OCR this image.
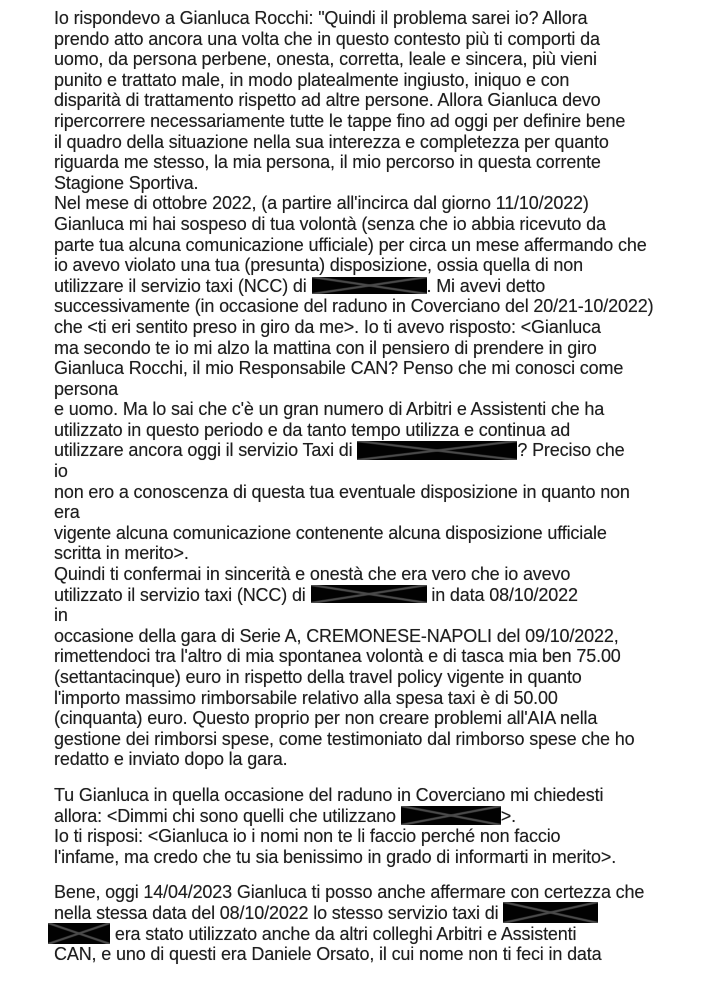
Io rispondevo a Gianluca Rocchi: "Quindi il problema sarei io? Allora
prendo atto ancora una volta che in questo contesto più ti comporti da
uomo, da persona perbene, onesta, corretta, leale e sincera, più vieni
punito e trattato male, in modo platealmente ingiusto, iniquo e con
disparità di trattamento rispetto ad altre persone. Allora Gianluca devo
ripercorrere necessariamente tutte le tappe fino ad oggi per definire bene
il quadro della situazione nella sua interezza e completezza per quanto
riguarda me stesso, la mia persona, il mio percorso in questa corrente
Stagione Sportiva.
Nel mese di ottobre 2022, (a partire all'incirca dal giorno 11/10/2022)
Gianluca mi hai sospeso di tua volontà (senza che io abbia ricevuto da
parte tua alcuna comunicazione ufficiale) per circa un mese affermando che
io avevo violato una tua (presunta) disposizione, ossia quella di non
utilizzare il servizio taxi (NCC) di	. Mi avevi detto
successivamente (in occasione del raduno in Coverciano del 20/21-10/2022)
che <ti eri sentito preso in giro da me>. Io ti avevo risposto: <Gianluca
ma secondo te io mi alzo la mattina con il pensiero di prendere in giro
Gianluca Rocchi, il mio Responsabile CAN? Penso che mi conosci come
persona
e uomo. Ma lo sai che c'è un gran numero di Arbitri e Assistenti che ha
utilizzato in questo periodo e da tanto tempo utilizza e continua ad
utilizzare ancora oggi il servizio Taxi di	? Preciso che
io
non ero a conoscenza di questa tua eventuale disposizione in quanto non
era
vigente alcuna comunicazione contenente alcuna disposizione ufficiale
scritta in merito>.
Quindi ti confermai in sincerità e onestà che era vero che io avevo
utilizzato il servizio taxi (NCC) di	in data 08/10/2022
in
occasione della gara di Serie A, CREMONESE-NAPOLI del 09/10/2022,
rimettendoci tra l'altro di mia spontanea volontà e di tasca mia ben 75.00
(settantacinque) euro in rispetto della travel policy vigente in quanto
l'importo massimo rimborsabile relativo alla spesa taxi è di 50.00
(cinquanta) euro. Questo proprio per non creare problemi all'AIA nella
gestione dei rimborsi spese, come testimoniato dal rimborso spese che ho
redatto e inviato dopo la gara.
Tu Gianluca in quella occasione del raduno in Coverciano mi chiedesti
allora: <Dimmi chi sono quelli che utilizzano	>.
Io ti risposi: <Gianluca io i nomi non te li faccio perché non faccio
l'infame, ma credo che tu sia benissimo in grado di informarti in merito>.
Bene, oggi 14/04/2023 Gianluca ti posso anche affermare con certezza che
nella stessa data del 08/10/2022 lo stesso servizio taxi di
era stato utilizzato anche da altri colleghi Arbitri e Assistenti
CAN, e uno di questi era Daniele Orsato, il cui nome non ti feci in data
